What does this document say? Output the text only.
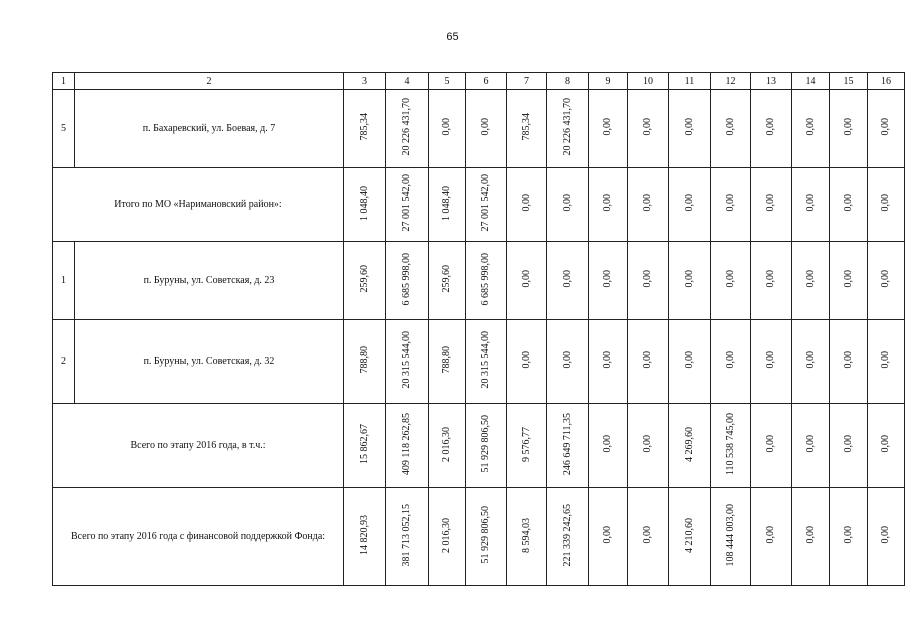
65
1	2	3	4	5	6	7	8	9	10	11	12	13	14	15	16
5	п. Бахаревский, ул. Боевая, д. 7	785,34	20 226 431,70	0,00	0,00	785,34	20 226 431,70	0,00	0,00	0,00	0,00	0,00	0,00	0,00	0,00
Итого по МО «Наримановский район»:		1 048,40	27 001 542,00	1 048,40	27 001 542,00	0,00	0,00	0,00	0,00	0,00	0,00	0,00	0,00	0,00	0,00
1	п. Буруны, ул. Советская, д. 23	259,60	6 685 998,00	259,60	6 685 998,00	0,00	0,00	0,00	0,00	0,00	0,00	0,00	0,00	0,00	0,00
2	п. Буруны, ул. Советская, д. 32	788,80	20 315 544,00	788,80	20 315 544,00	0,00	0,00	0,00	0,00	0,00	0,00	0,00	0,00	0,00	0,00
Всего по этапу 2016 года, в т.ч.:		15 862,67	409 118 262,85	2 016,30	51 929 806,50	9 576,77	246 649 711,35	0,00	0,00	4 269,60	110 538 745,00	0,00	0,00	0,00	0,00
Всего по этапу 2016 года с финансовой поддержкой Фонда:		14 820,93	381 713 052,15	2 016,30	51 929 806,50	8 594,03	221 339 242,65	0,00	0,00	4 210,60	108 444 003,00	0,00	0,00	0,00	0,00
